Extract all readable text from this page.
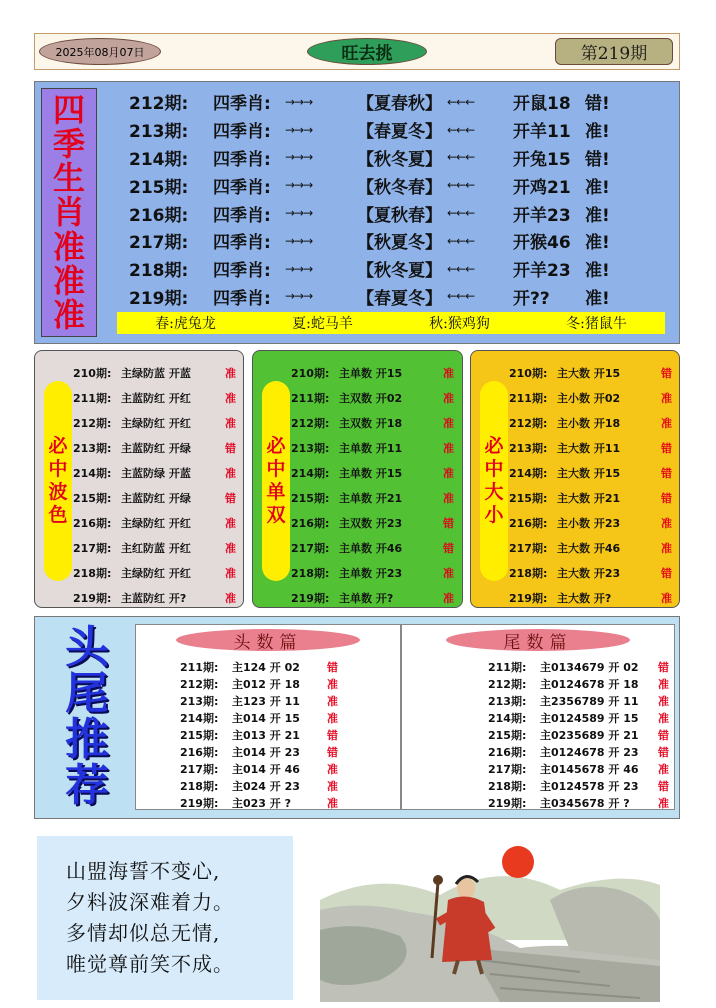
2025年08月07日	旺去挑	第219期
四
季
生
肖
准
准
准
212期:	四季肖:	→→→	【夏春秋】 ←←←	开鼠18 错!
213期:	四季肖:	→→→	【春夏冬】 ←←←	开羊11 准!
214期:	四季肖:	→→→	【秋冬夏】 ←←←	开兔15 错!
215期:	四季肖:	→→→	【秋冬春】 ←←←	开鸡21 准!
216期:	四季肖:	→→→	【夏秋春】 ←←←	开羊23 准!
217期:	四季肖:	→→→	【秋夏冬】 ←←←	开猴46 准!
218期:	四季肖:	→→→	【秋冬夏】 ←←←	开羊23 准!
219期:	四季肖:	→→→	【春夏冬】 ←←←	开??	准!
春:虎兔龙	夏:蛇马羊	秋:猴鸡狗	冬:猪鼠牛
必
中
波
色
210期: 主绿防蓝 开蓝	准
211期: 主蓝防红 开红	准
212期: 主绿防红 开红	准
213期: 主蓝防红 开绿	错
214期: 主蓝防绿 开蓝	准
215期: 主蓝防红 开绿	错
216期: 主绿防红 开红	准
217期: 主红防蓝 开红	准
218期: 主绿防红 开红	准
219期: 主蓝防红 开?	准
必
中
单
双
210期: 主单数 开15	准
211期: 主双数 开02	准
212期: 主双数 开18	准
213期: 主单数 开11	准
214期: 主单数 开15	准
215期: 主单数 开21	准
216期: 主双数 开23	错
217期: 主单数 开46	错
218期: 主单数 开23	准
219期: 主单数 开?	准
必
中
大
小
210期: 主大数 开15	错
211期: 主小数 开02	准
212期: 主小数 开18	准
213期: 主大数 开11	错
214期: 主大数 开15	错
215期: 主大数 开21	错
216期: 主小数 开23	准
217期: 主大数 开46	准
218期: 主大数 开23	错
219期: 主大数 开?	准
头
尾
推
荐
头数篇
211期:	主124 开 02	错
212期:	主012 开 18	准
213期:	主123 开 11	准
214期:	主014 开 15	准
215期:	主013 开 21	错
216期:	主014 开 23	错
217期:	主014 开 46	准
218期:	主024 开 23	准
219期:	主023 开 ?	准
尾数篇
211期:	主0134679 开 02	错
212期:	主0124678 开 18	准
213期:	主2356789 开 11	准
214期:	主0124589 开 15	准
215期:	主0235689 开 21	错
216期:	主0124678 开 23	错
217期:	主0145678 开 46	准
218期:	主0124578 开 23	错
219期:	主0345678 开 ?	准
山盟海誓不变心,
夕料波深难着力。
多情却似总无情,
唯觉尊前笑不成。
